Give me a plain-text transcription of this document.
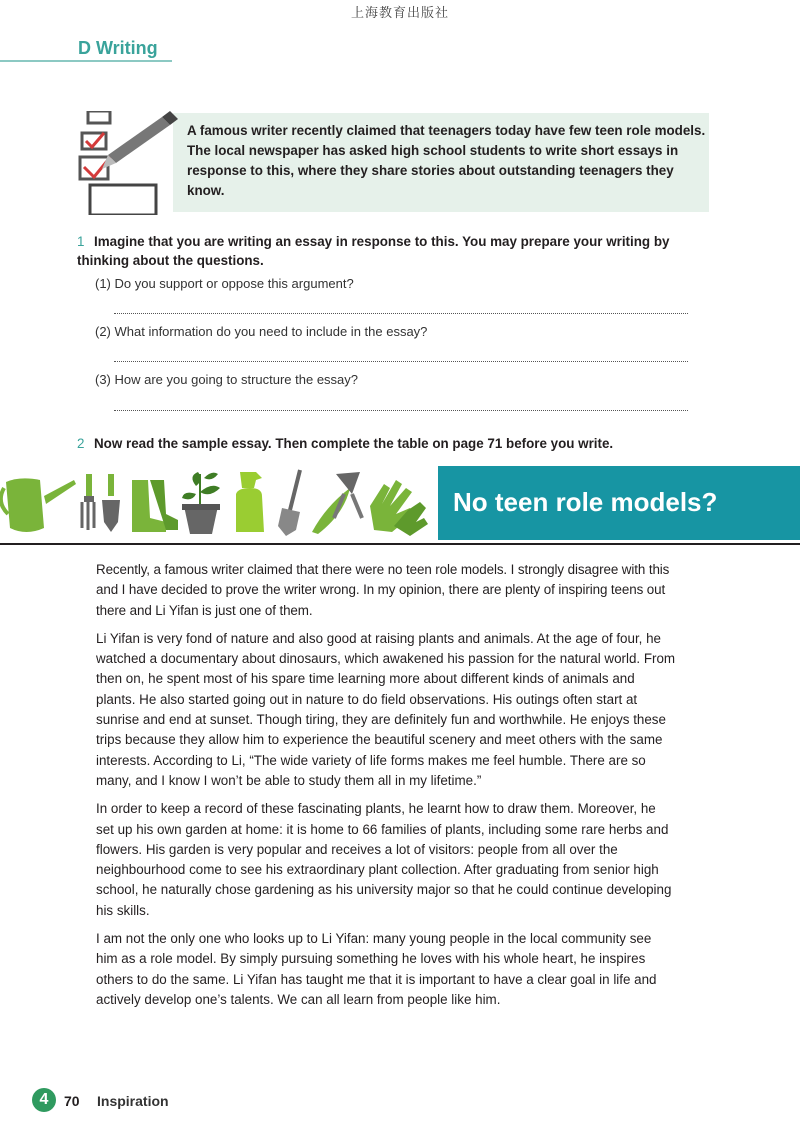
上海教育出版社
D Writing
A famous writer recently claimed that teenagers today have few teen role models. The local newspaper has asked high school students to write short essays in response to this, where they share stories about outstanding teenagers they know.
1 Imagine that you are writing an essay in response to this. You may prepare your writing by thinking about the questions.
(1) Do you support or oppose this argument?
(2) What information do you need to include in the essay?
(3) How are you going to structure the essay?
2 Now read the sample essay. Then complete the table on page 71 before you write.
No teen role models?

Recently, a famous writer claimed that there were no teen role models. I strongly disagree with this and I have decided to prove the writer wrong. In my opinion, there are plenty of inspiring teens out there and Li Yifan is just one of them.

Li Yifan is very fond of nature and also good at raising plants and animals. At the age of four, he watched a documentary about dinosaurs, which awakened his passion for the natural world. From then on, he spent most of his spare time learning more about different kinds of animals and plants. He also started going out in nature to do field observations. His outings often start at sunrise and end at sunset. Though tiring, they are definitely fun and worthwhile. He enjoys these trips because they allow him to experience the beautiful scenery and meet others with the same interests. According to Li, “The wide variety of life forms makes me feel humble. There are so many, and I know I won’t be able to study them all in my lifetime.”

In order to keep a record of these fascinating plants, he learnt how to draw them. Moreover, he set up his own garden at home: it is home to 66 families of plants, including some rare herbs and flowers. His garden is very popular and receives a lot of visitors: people from all over the neighbourhood come to see his extraordinary plant collection. After graduating from senior high school, he naturally chose gardening as his university major so that he could continue developing his skills.

I am not the only one who looks up to Li Yifan: many young people in the local community see him as a role model. By simply pursuing something he loves with his whole heart, he inspires others to do the same. Li Yifan has taught me that it is important to have a clear goal in life and actively develop one’s talents. We can all learn from people like him.

4	70 Inspiration
